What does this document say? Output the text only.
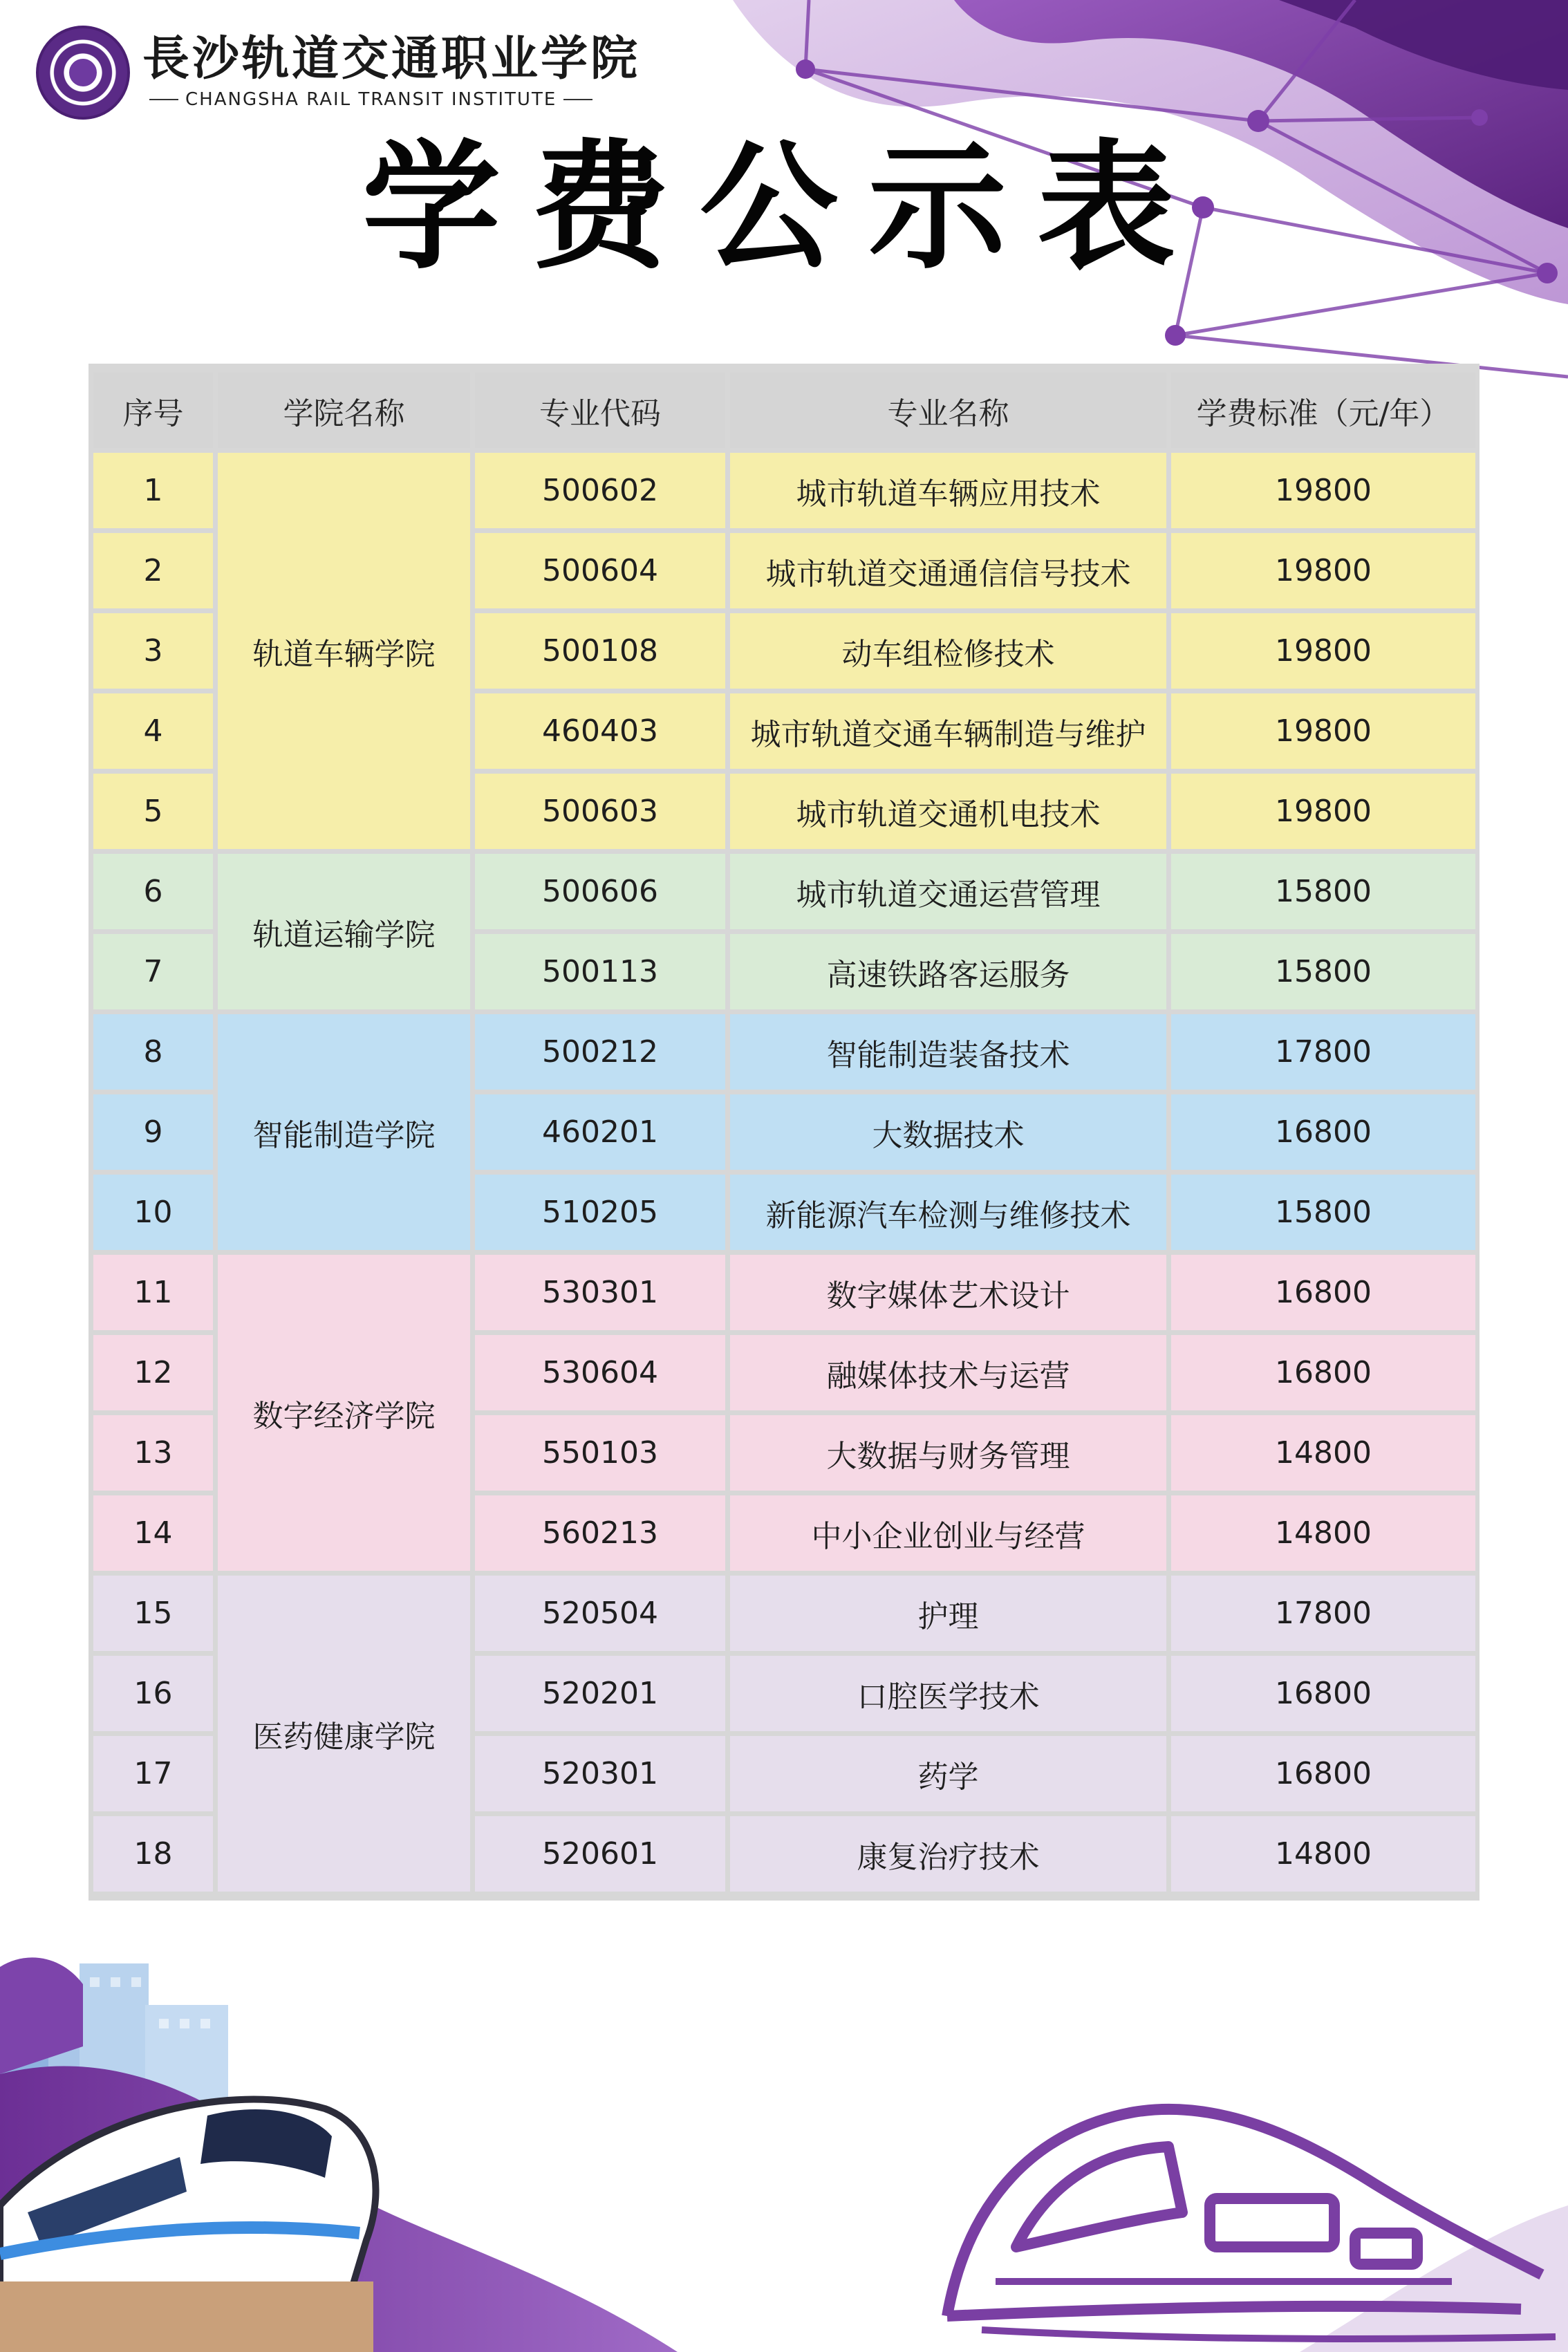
長沙轨道交通职业学院
CHANGSHA RAIL TRANSIT INSTITUTE
学费公示表
序号	学院名称	专业代码	专业名称	学费标准（元/年）
1	轨道车辆学院	500602	城市轨道车辆应用技术	19800
2		500604	城市轨道交通通信信号技术	19800
3		500108	动车组检修技术	19800
4		460403	城市轨道交通车辆制造与维护	19800
5		500603	城市轨道交通机电技术	19800
6	轨道运输学院	500606	城市轨道交通运营管理	15800
7		500113	高速铁路客运服务	15800
8	智能制造学院	500212	智能制造装备技术	17800
9		460201	大数据技术	16800
10		510205	新能源汽车检测与维修技术	15800
11	数字经济学院	530301	数字媒体艺术设计	16800
12		530604	融媒体技术与运营	16800
13		550103	大数据与财务管理	14800
14		560213	中小企业创业与经营	14800
15	医药健康学院	520504	护理	17800
16		520201	口腔医学技术	16800
17		520301	药学	16800
18		520601	康复治疗技术	14800
